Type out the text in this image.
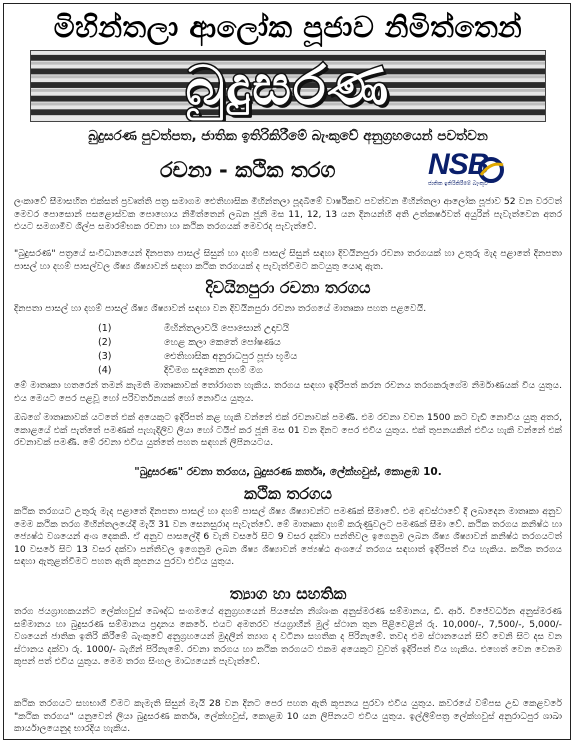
මිහින්තලා ආලෝක පූජාව නිමිත්තෙන්
බුදුසරණ
බුදුසරණ පුවත්පත, ජාතික ඉතිරිකිරීමේ බැංකුවේ අනුග්‍රහයෙන් පවත්වන
රචනා - කථික තරග	NSB
ජාතික ඉතිරිකිරීමේ බැංකුව
ලංකාවේ සීමාසහිත එක්සත් ප්‍රවෘත්ති පත්‍ර සමාගම ඓතිහාසික මිහින්තලා පූදබිමේ වාර්ෂිකව පවත්වන මිහින්තලා ආලෝක පූජාව 52 වන වරටත් මෙවර පොසොන් පසළොස්වක පොහොය නිමිත්තෙන් ලබන ජූනි මස 11, 12, 13 යන දිනයන්හි අති උත්කර්ෂවත් අයුරින් පැවැත්වෙන අතර එයට සමගාමීව ශිල්ප සමාරම්භක රචනා හා කථික තරගයක් මෙවරද පැවැත්වේ.
"බුදුසරණ" පත්‍රයේ සංවිධානයෙන් දිනපතා පාසල් සිසුන් හා දහම් පාසල් සිසුන් සඳහා දිවයිනපුරා රචනා තරගයක් හා උතුරු මැද පළාතේ දිනපතා පාසල් හා දහම් පාසල්වල ශිෂ්‍ය ශිෂ්‍යාවන් සඳහා කථික තරගයක් ද පැවැත්වීමට කටයුතු යොදා ඇත.
දිවයිනපුරා රචනා තරගය
දිනපතා පාසල් හා දහම් පාසල් ශිෂ්‍ය ශිෂ්‍යාවන් සඳහා වන දිවයිනපුරා රචනා තරගයේ මාතෘකා පහත පළවෙයි.
(1)	මිහින්තලාවයි පොසොන් උදාවයි
(2)	හෙළ කලා කෙතේ පෝෂණය
(3)	ඓතිහාසික අනුරාධපුර පූජා භූමිය
(4)	දිවිමග සදැකෙන දහම් මග
මේ මාතෘකා හතරෙන් තමන් කැමති මාතෘකාවක් තෝරාගත හැකිය. තරගය සඳහා ඉදිරිපත් කරන රචනය තරගකරුගේම නිර්මාණයක් විය යුතුය. එය මෙයට පෙර පළවූ හෝ පරිවර්තනයක් හෝ නොවිය යුතුය.
ඔබගේ මාතෘකාවක් යටතේ එක් අයෙකුට ඉදිරිපත් කළ හැකි වන්නේ එක් රචනාවක් පමණි. එම රචනා වචන 1500 කට වැඩි නොවිය යුතු අතර, කොළයේ එක් පැත්තේ පමණක් පැහැදිලිව ලියා හෝ ටයිප් කර ජූනි මස 01 වන දිනට පෙර එවිය යුතුය. එක් තුපනයකින් එවිය හැකි වන්නේ එක් රචනාවක් පමණි. මේ රචනා එවිය යුත්තේ පහත සඳහන් ලිපිනයටය.
"බුදුසරණ" රචනා තරගය, බුදුසරණ කර්තෘ, ලේක්හවුස්, කොළඹ 10.
කථික තරගය
කථික තරගයට උතුරු මැද පළාතේ දිනපතා පාසල් හා දහම් පාසල් ශිෂ්‍ය ශිෂ්‍යාවන්ට පමණක් සීමාවේ. එම අවස්ථාවේ දී ලබාදෙන මාතෘකා අනුව මෙම කථික තරග මිහින්තලයේදී මැයි 31 වන සෙනසුරාද පැවැත්වේ. මේ මාතෘකා දහම් කරුණුවලට පමණක් සීමා වේ. කථික තරගය කනිෂ්ඨ හා ජ්‍යෙෂ්ඨ වශයෙන් අංශ දෙකකි. ඒ අනුව පාසලේදී 6 වැනි වසරේ සිට 9 වසර දක්වා පන්තිවල ඉගෙනුම ලබන ශිෂ්‍ය ශිෂ්‍යාවන් කනිෂ්ඨ තරගයටත් 10 වසරේ සිට 13 වසර දක්වා පන්තිවල ඉගෙනුම ලබන ශිෂ්‍ය ශිෂ්‍යාවන් ජ්‍යෙෂ්ඨ අංශයේ තරගය සඳහාත් ඉදිරිපත් විය හැකිය. කථික තරගය සඳහා ඇතුළත්වීමට පහත ඇති කූපනය පුරවා එවිය යුතුය.
ත්‍යාග හා සහතික
තරග ජයග්‍රාහකයන්ට ලේක්හවුස් බෞද්ධ සංගමයේ අනුග්‍රහයෙන් පියසේන නිශ්ශංක අනුස්මරණ සම්මානය, ඩී. ආර්. විජේවර්ධන අනුස්මරණ සම්මානය හා බුදුසරණ සම්මානය ප්‍රදානය කෙරේ. එයට අමතරව ජයග්‍රාහීන් මුල් ස්ථාන තුන පිළිවෙළින් රු. 10,000/-, 7,500/-, 5,000/- වශයෙන් ජාතික ඉතිරි කිරීමේ බැංකුවේ අනුග්‍රහයෙන් මුදලින් ත්‍යාග ද වටිනා සහතික ද පිරිනැමේ. තවද එම ස්ථානයෙන් සිව් වෙනි සිට දස වන ස්ථානය දක්වා රු. 1000/- බැගින් පිරිනැමේ. රචනා තරගය හා කථික තරගයට එකම අයෙකුට වුවත් ඉදිරිපත් විය හැකිය. එහෙත් වෙන වෙනම කූපන් පත් එවිය යුතුය. මෙම තරග සිංහල මාධ්‍යයෙන් පැවැත්වේ.
කථික තරගයට සහභාගී වීමට කැමැති සිසුන් මැයි 28 වන දිනට පෙර පහත ඇති කූපනය පුරවා එවිය යුතුය. කවරයේ වම්පස උඩ කෙළවරේ "කථික තරගය" යනුවෙන් ලියා බුදුසරණ කර්තෘ, ලේක්හවුස්, කොළඹ 10 යන ලිපිනයට එවිය යුතුය. ඉල්ලීම්පත්‍ර ලේක්හවුස් අනුරාධපුර ශාඛා කාර්යාලයෙනුද භාරදිය හැකිය.
